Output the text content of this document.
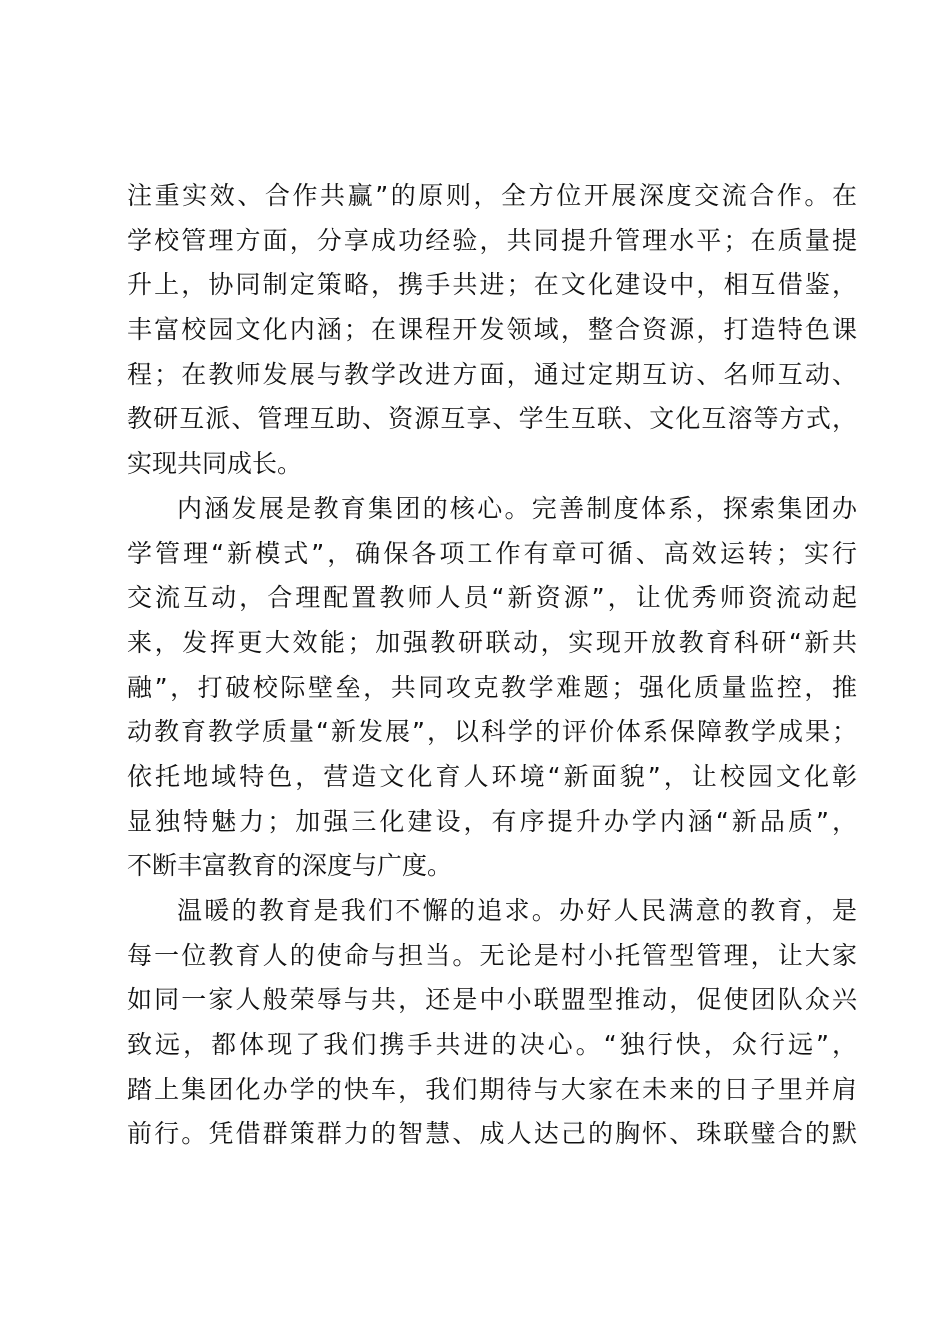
注重实效、合作共赢”的原则，全方位开展深度交流合作。在
学校管理方面，分享成功经验，共同提升管理水平；在质量提
升上，协同制定策略，携手共进；在文化建设中，相互借鉴，
丰富校园文化内涵；在课程开发领域，整合资源，打造特色课
程；在教师发展与教学改进方面，通过定期互访、名师互动、
教研互派、管理互助、资源互享、学生互联、文化互溶等方式，
实现共同成长。
内涵发展是教育集团的核心。完善制度体系，探索集团办
学管理“新模式”，确保各项工作有章可循、高效运转；实行
交流互动，合理配置教师人员“新资源”，让优秀师资流动起
来，发挥更大效能；加强教研联动，实现开放教育科研“新共
融”，打破校际壁垒，共同攻克教学难题；强化质量监控，推
动教育教学质量“新发展”，以科学的评价体系保障教学成果；
依托地域特色，营造文化育人环境“新面貌”，让校园文化彰
显独特魅力；加强三化建设，有序提升办学内涵“新品质”，
不断丰富教育的深度与广度。
温暖的教育是我们不懈的追求。办好人民满意的教育，是
每一位教育人的使命与担当。无论是村小托管型管理，让大家
如同一家人般荣辱与共，还是中小联盟型推动，促使团队众兴
致远，都体现了我们携手共进的决心。“独行快，众行远”，
踏上集团化办学的快车，我们期待与大家在未来的日子里并肩
前行。凭借群策群力的智慧、成人达己的胸怀、珠联璧合的默
